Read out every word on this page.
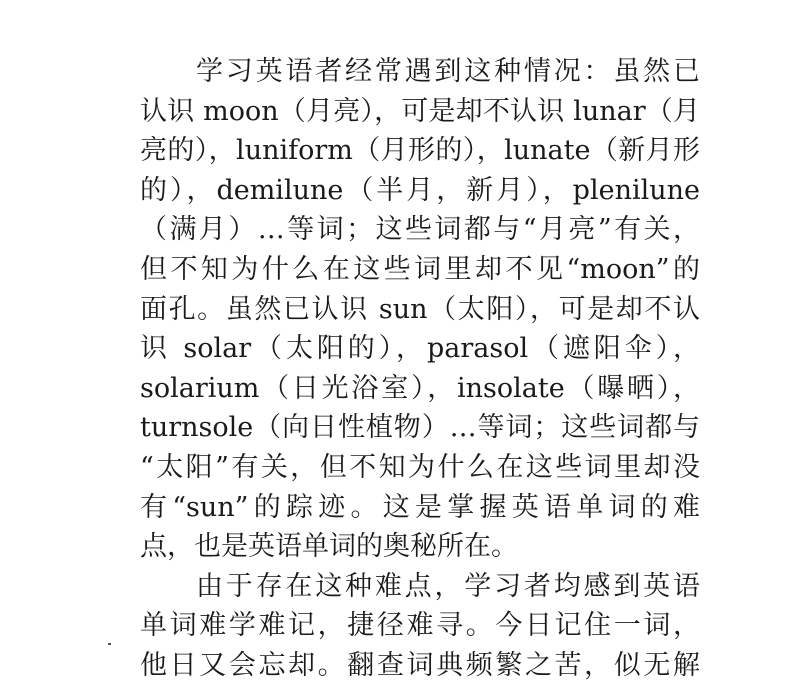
学习英语者经常遇到这种情况：虽然已
认识 moon（月亮），可是却不认识 lunar（月
亮的），luniform（月形的），lunate（新月形
的），demilune（半月，新月），plenilune
（满月）…等词；这些词都与“月亮”有关，
但不知为什么在这些词里却不见“moon”的
面孔。虽然已认识 sun（太阳），可是却不认
识 solar（太阳的），parasol（遮阳伞），
solarium（日光浴室），insolate（曝晒），
turnsole（向日性植物）…等词；这些词都与
“太阳”有关，但不知为什么在这些词里却没
有“sun”的踪迹。这是掌握英语单词的难
点，也是英语单词的奥秘所在。
由于存在这种难点，学习者均感到英语
单词难学难记，捷径难寻。今日记住一词，
他日又会忘却。翻查词典频繁之苦，似无解
